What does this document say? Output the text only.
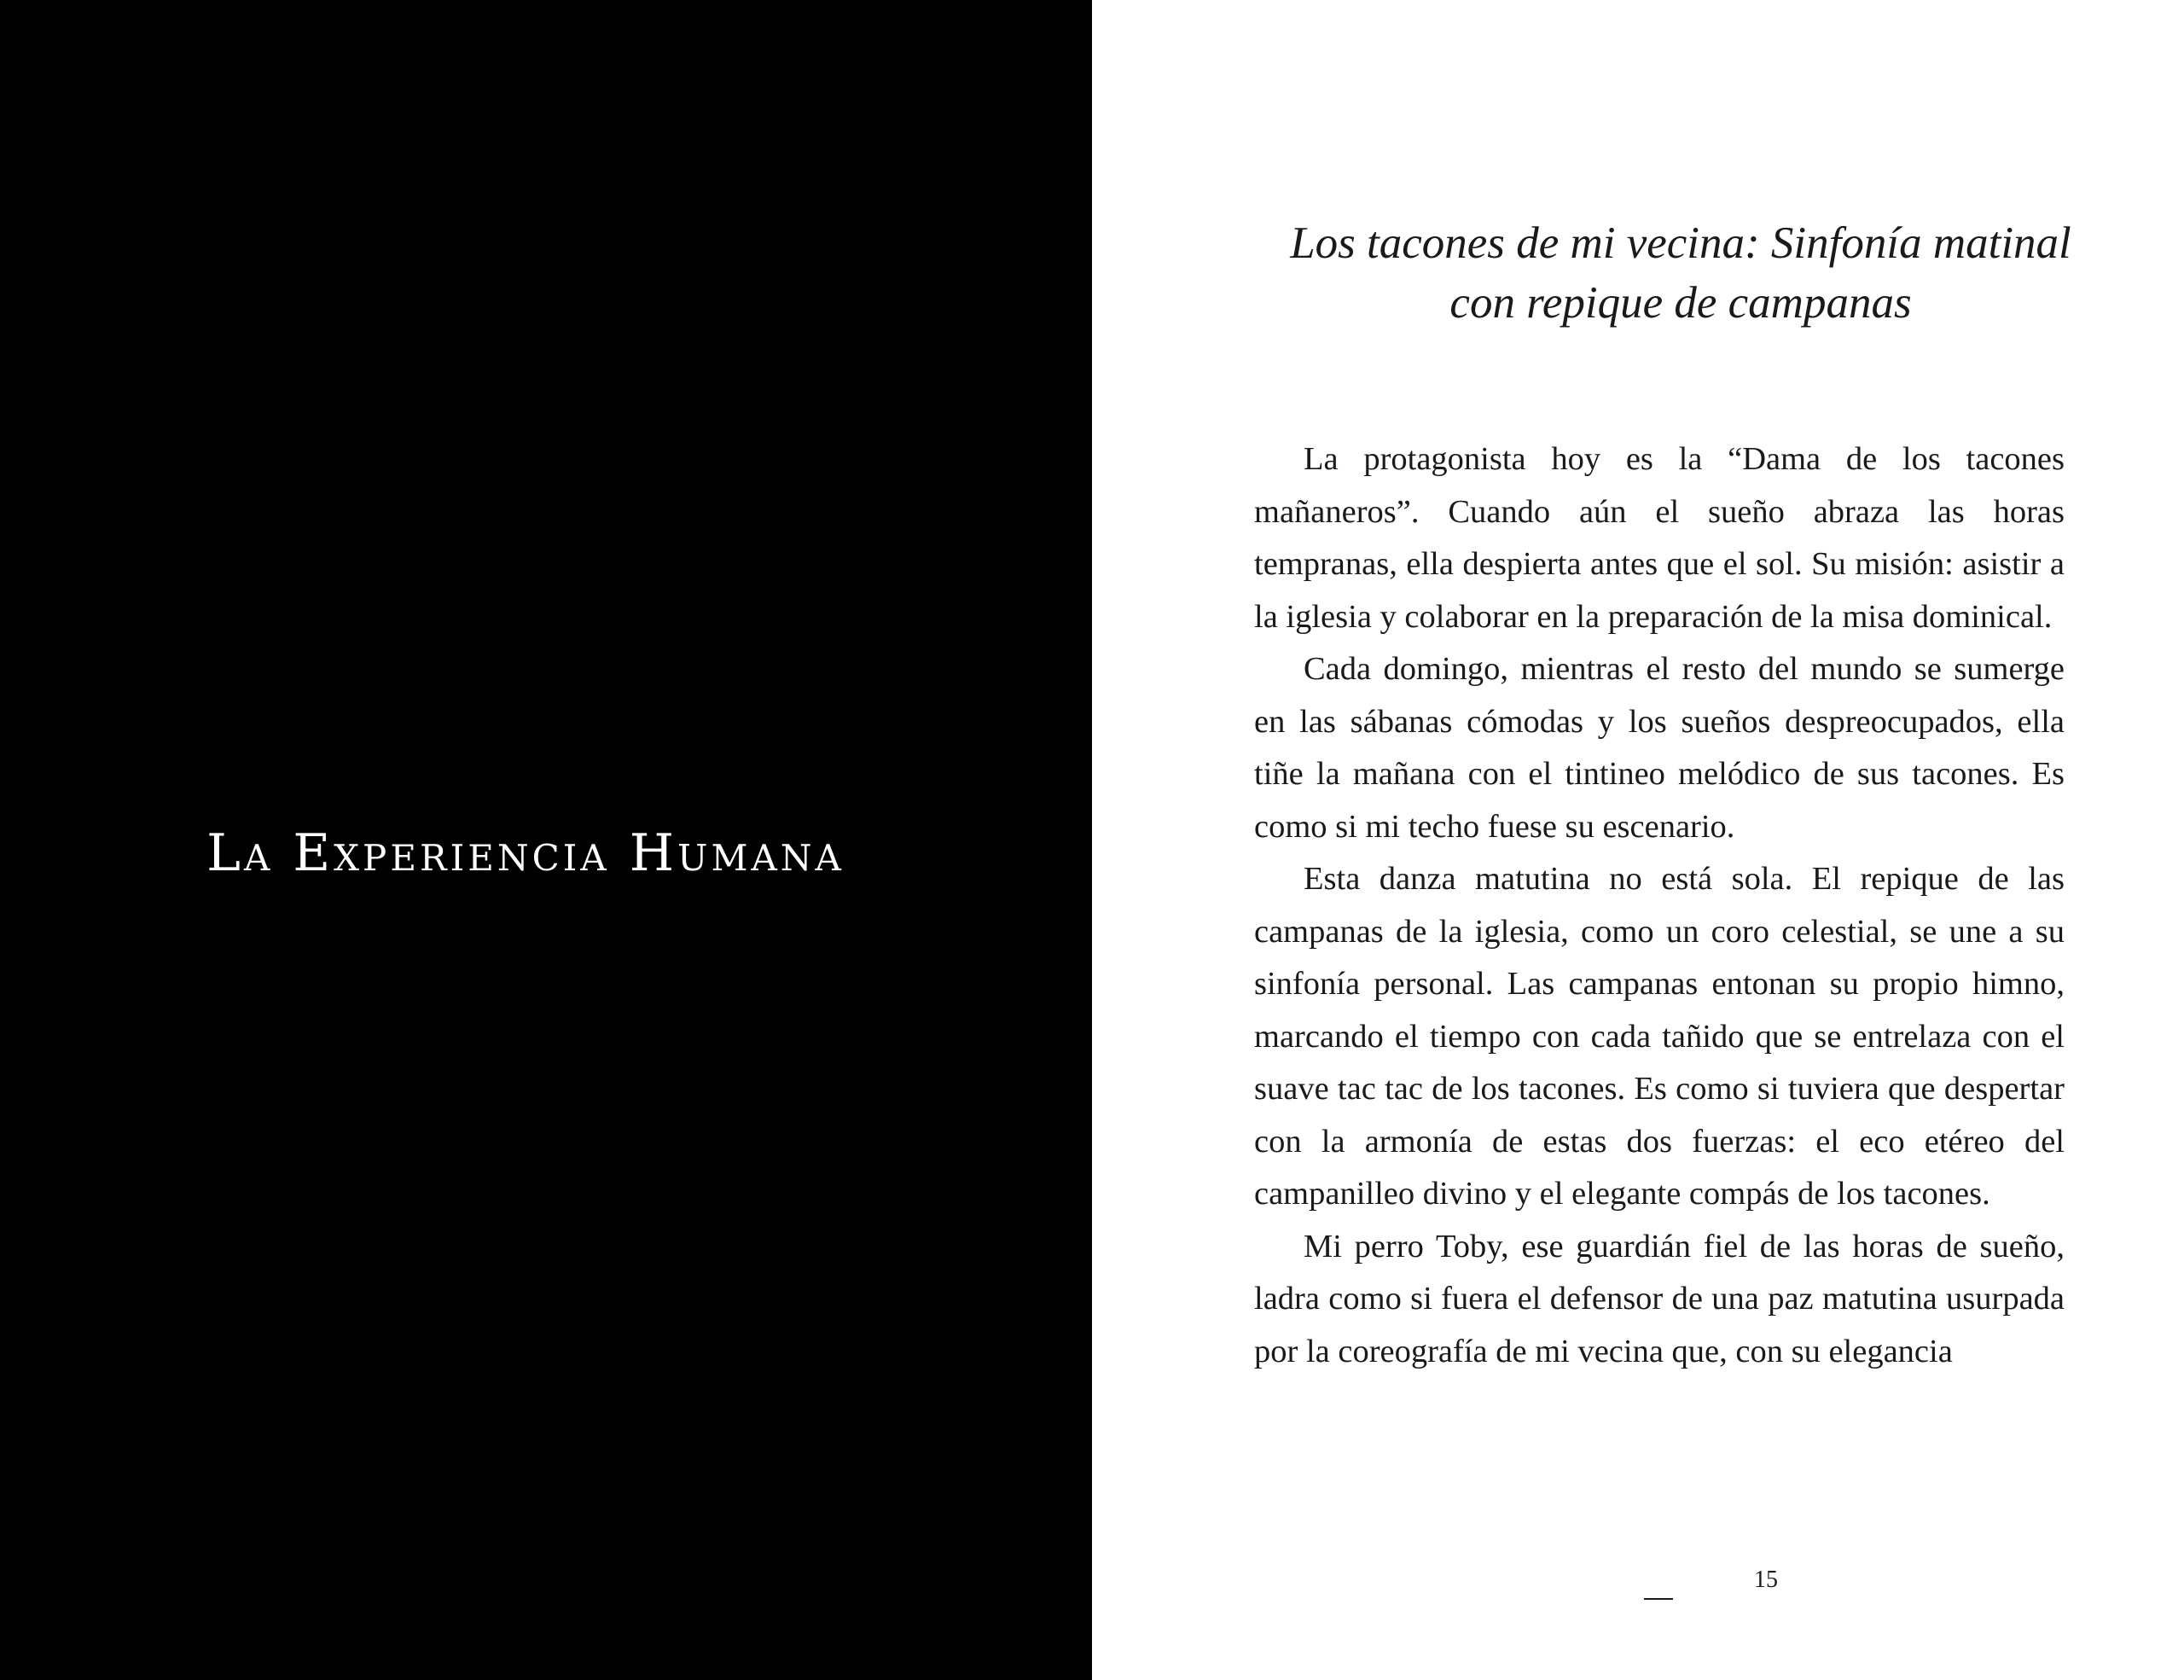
La Experiencia Humana
Los tacones de mi vecina: Sinfonía matinal con repique de campanas

La protagonista hoy es la “Dama de los tacones mañaneros”. Cuando aún el sueño abraza las horas tempranas, ella despierta antes que el sol. Su misión: asistir a la iglesia y colaborar en la preparación de la misa dominical.

Cada domingo, mientras el resto del mundo se sumerge en las sábanas cómodas y los sueños despreocupados, ella tiñe la mañana con el tintineo melódico de sus tacones. Es como si mi techo fuese su escenario.

Esta danza matutina no está sola. El repique de las campanas de la iglesia, como un coro celestial, se une a su sinfonía personal. Las campanas entonan su propio himno, marcando el tiempo con cada tañido que se entrelaza con el suave tac tac de los tacones. Es como si tuviera que despertar con la armonía de estas dos fuerzas: el eco etéreo del campanilleo divino y el elegante compás de los tacones.

Mi perro Toby, ese guardián fiel de las horas de sueño, ladra como si fuera el defensor de una paz matutina usurpada por la coreografía de mi vecina que, con su elegancia

15
